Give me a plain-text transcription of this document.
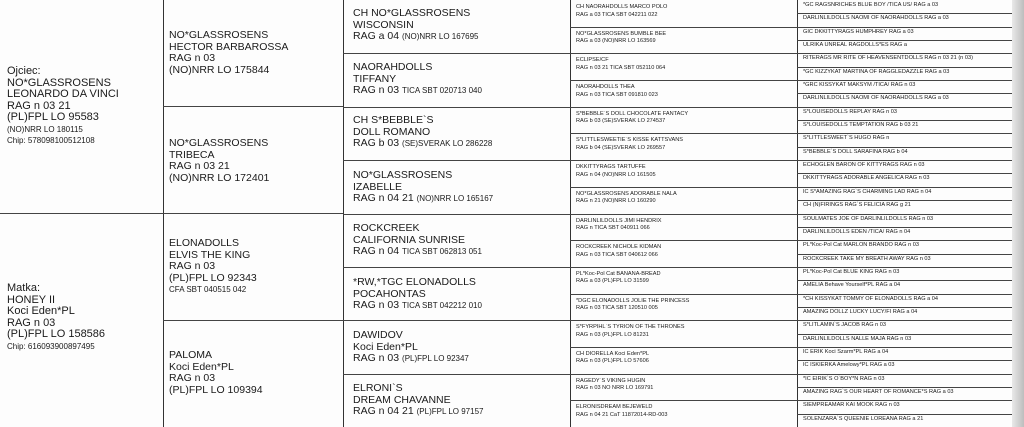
Ojciec:
NO*GLASSROSENS
LEONARDO DA VINCI
RAG n 03 21
(PL)FPL LO 95583
(NO)NRR LO 180115
Chip: 578098100512108
Matka:
HONEY II
Koci Eden*PL
RAG n 03
(PL)FPL LO 158586
Chip: 616093900897495
NO*GLASSROSENS
HECTOR BARBAROSSA
RAG n 03
(NO)NRR LO 175844
NO*GLASSROSENS
TRIBECA
RAG n 03 21
(NO)NRR LO 172401
ELONADOLLS
ELVIS THE KING
RAG n 03
(PL)FPL LO 92343
CFA SBT 040515 042
PALOMA
Koci Eden*PL
RAG n 03
(PL)FPL LO 109394
CH NO*GLASSROSENS
WISCONSIN
RAG a 04 (NO)NRR LO 167695
NAORAHDOLLS
TIFFANY
RAG n 03 TICA SBT 020713 040
CH S*BEBBLE`S
DOLL ROMANO
RAG b 03 (SE)SVERAK LO 286228
NO*GLASSROSENS
IZABELLE
RAG n 04 21 (NO)NRR LO 165167
ROCKCREEK
CALIFORNIA SUNRISE
RAG n 04 TICA SBT 062813 051
*RW,*TGC ELONADOLLS
POCAHONTAS
RAG n 03 TICA SBT 042212 010
DAWIDOV
Koci Eden*PL
RAG n 03 (PL)FPL LO 92347
ELRONI`S
DREAM CHAVANNE
RAG n 04 21 (PL)FPL LO 97157
CH NAORAHDOLLS MARCO POLO
RAG a 03 TICA SBT 042211 022
NO*GLASSROSENS BUMBLE BEE
RAG a 03 (NO)NRR LO 163569
ECLIPSE/CF
RAG n 03 21 TICA SBT 052110 064
NAORAHDOLLS THEA
RAG n 03 TICA SBT 091810 023
S*BEBBLE`S DOLL CHOCOLATE FANTACY
RAG b 03 (SE)SVERAK LO 274537
S*LITTLESWEETIE`S KISSE KATTSVANS
RAG b 04 (SE)SVERAK LO 269557
DKKITTYRAGS TARTUFFE
RAG n 04 (NO)NRR LO 161505
NO*GLASSROSENS ADORABLE NALA
RAG n 21 (NO)NRR LO 160290
DARLINLILDOLLS JIMI HENDRIX
RAG n TICA SBT 040911 066
ROCKCREEK NICHOLE KIDMAN
RAG n 03 TICA SBT 040612 066
PL*Koc-Pol Cat BANANA-BREAD
RAG a 03 (PL)FPL LO 31599
*DGC ELONADOLLS JOLIE THE PRINCESS
RAG n 03 TICA SBT 120510 005
S*FYRPIHL`S TYRION OF THE THRONES
RAG n 03 (PL)FPL LO 81231
CH DIORELLA Koci Eden*PL
RAG n 03 (PL)FPL LO 57606
RAGEDY`S VIKING HUGIN
RAG n 03 NO NRR LO 169791
ELRONISDREAM BEJEWELD
RAG n 04 21 CaT 11872014-RD-003
*GC RAGSNRICHES BLUE BOY /TICA US/ RAG a 03
DARLINLILDOLLS NAOMI OF NAORAHDOLLS RAG a 03
GIC DKKITTYRAGS HUMPHREY RAG a 03
ULRIKA UNREAL RAGDOLLS*ES RAG a
RITERAGS MR RITE OF HEAVENSENTDOLLS RAG n 03 21 (n 03)
*GC KIZZYKAT MARTINA OF RAGGLEDAZZLE RAG a 03
*GRC KISSYKAT MAKSYM /TICA/ RAG n 03
DARLINLILDOLLS NAOMI OF NAORAHDOLLS RAG a 03
S*LOUISEDOLLS REPLAY RAG n 03
S*LOUISEDOLLS TEMPTATION RAG b 03 21
S*LITTLESWEET`S HUGO RAG n
S*BEBBLE`S DOLL SARAFINA RAG b 04
ECHOGLEN BARON OF KITTYRAGS RAG n 03
DKKITTYRAGS ADORABLE ANGELICA RAG n 03
IC S*AMAZING RAG`S CHARMING LAD RAG n 04
CH (N)FIRINGS RAG`S FELICIA RAG g 21
SOULMATES JOE OF DARLINLILDOLLS RAG n 03
DARLINLILDOLLS EDEN /TICA/ RAG n 04
PL*Koc-Pol Cat MARLON BRANDO RAG n 03
ROCKCREEK TAKE MY BREATH AWAY RAG n 03
PL*Koc-Pol Cat BLUE KING RAG n 03
AMELIA Behave Yourself*PL RAG a 04
*CH KISSYKAT TOMMY OF ELONADOLLS RAG a 04
AMAZING DOLLZ LUCKY LUCY/FI RAG a 04
S*LITLAMIN`S JACOB RAG n 03
DARLINLILDOLLS NALLE MAJA RAG n 03
IC ERIK Koci Szarm*PL RAG a 04
IC ISKIERKA Amelowy*PL RAG a 03
*IC EIRIK`S O`BOY*N RAG n 03
AMAZING RAG`S OUR HEART OF ROMANCE*S RAG a 03
SIEMPREAMAR KAI MOOK RAG n 03
SOLENZARA`S QUEENIE LOREANA RAG a 21
